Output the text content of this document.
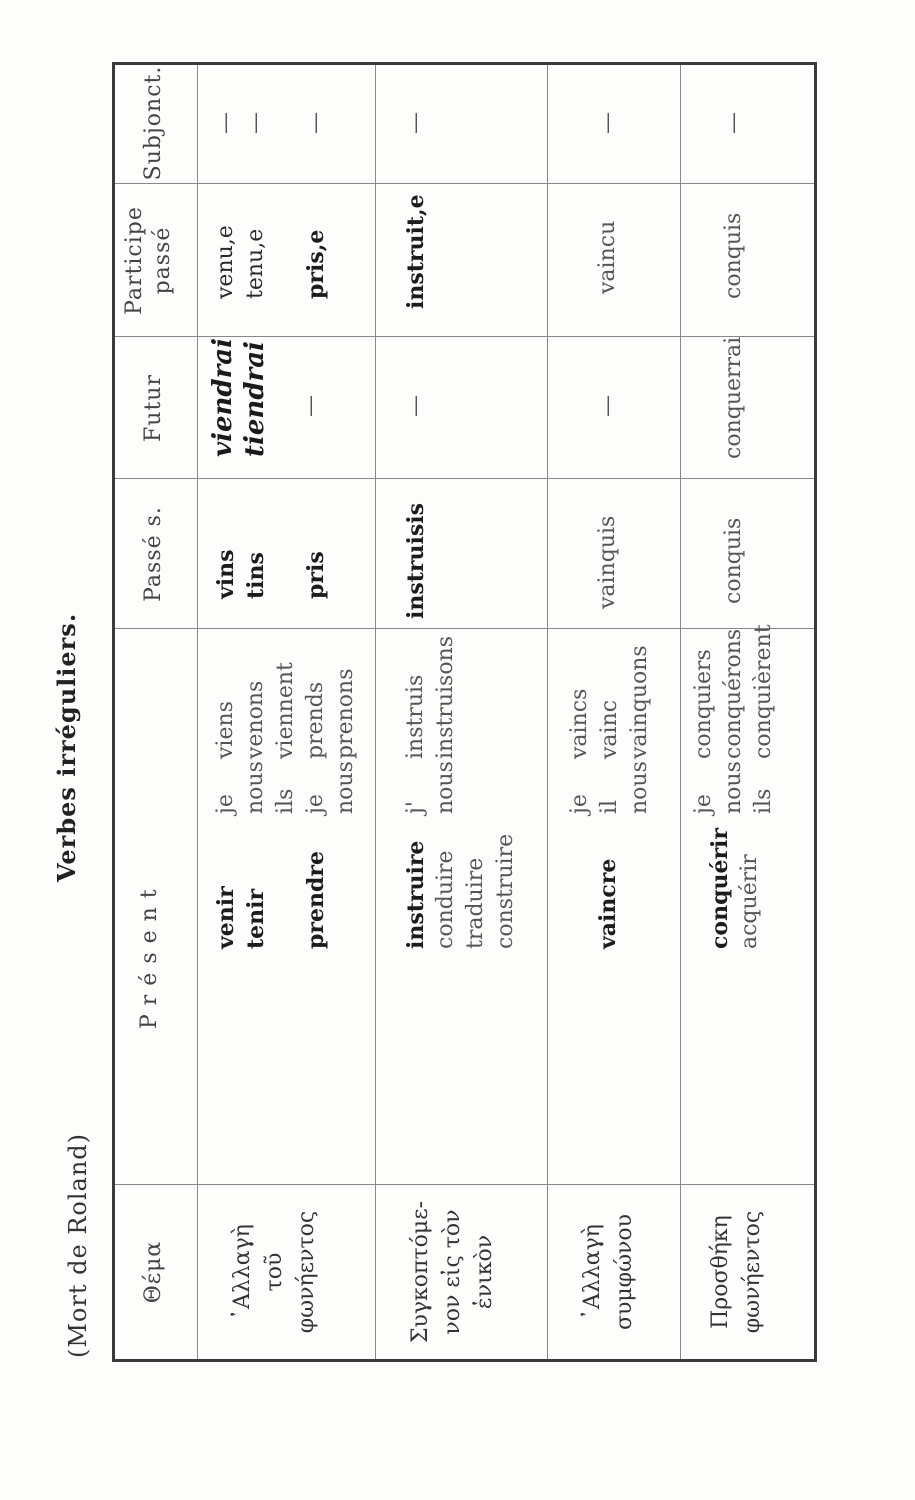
(Mort de Roland)
Verbes irréguliers.
Θέμα
P r é s e n t
Passé s.
Futur
Participe passé
Subjonct.
᾿Αλλαγὴ τοῦ φωνήεντος
venir tenir prendre
je nous ils je nous
viens venons viennent prends prenons
vins tins pris
viendrai tiendrai —
venu,e tenu,e pris,e
— — —
Συγκοπτόμε- νον εἰς τὸν ἑνικὸν
instruire conduire traduire construire
j' nous
instruis instruisons
instruisis
—
instruit,e
—
᾿Αλλαγὴ συμφώνου
vaincre
je il nous
vaincs vainc vainquons
vainquis
—
vaincu
—
Προσθήκη φωνήεντος
conquérir acquérir
je nous ils
conquiers conquérons conquièrent
conquis
conquerrai
conquis
—
